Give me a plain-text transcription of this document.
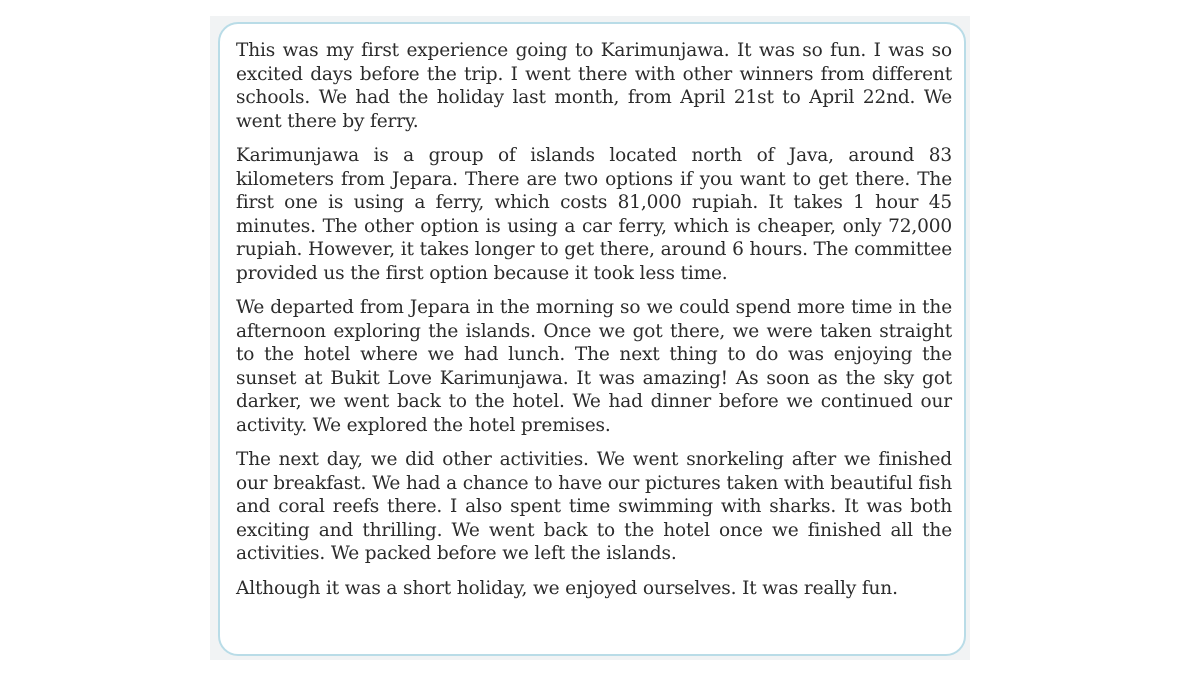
This was my first experience going to Karimunjawa. It was so fun. I was so excited days before the trip. I went there with other winners from different schools. We had the holiday last month, from April 21st to April 22nd. We went there by ferry.

Karimunjawa is a group of islands located north of Java, around 83 kilometers from Jepara. There are two options if you want to get there. The first one is using a ferry, which costs 81,000 rupiah. It takes 1 hour 45 minutes. The other option is using a car ferry, which is cheaper, only 72,000 rupiah. However, it takes longer to get there, around 6 hours. The committee provided us the first option because it took less time.

We departed from Jepara in the morning so we could spend more time in the afternoon exploring the islands. Once we got there, we were taken straight to the hotel where we had lunch. The next thing to do was enjoying the sunset at Bukit Love Karimunjawa. It was amazing! As soon as the sky got darker, we went back to the hotel. We had dinner before we continued our activity. We explored the hotel premises.

The next day, we did other activities. We went snorkeling after we finished our breakfast. We had a chance to have our pictures taken with beautiful fish and coral reefs there. I also spent time swimming with sharks. It was both exciting and thrilling. We went back to the hotel once we finished all the activities. We packed before we left the islands.

Although it was a short holiday, we enjoyed ourselves. It was really fun.
